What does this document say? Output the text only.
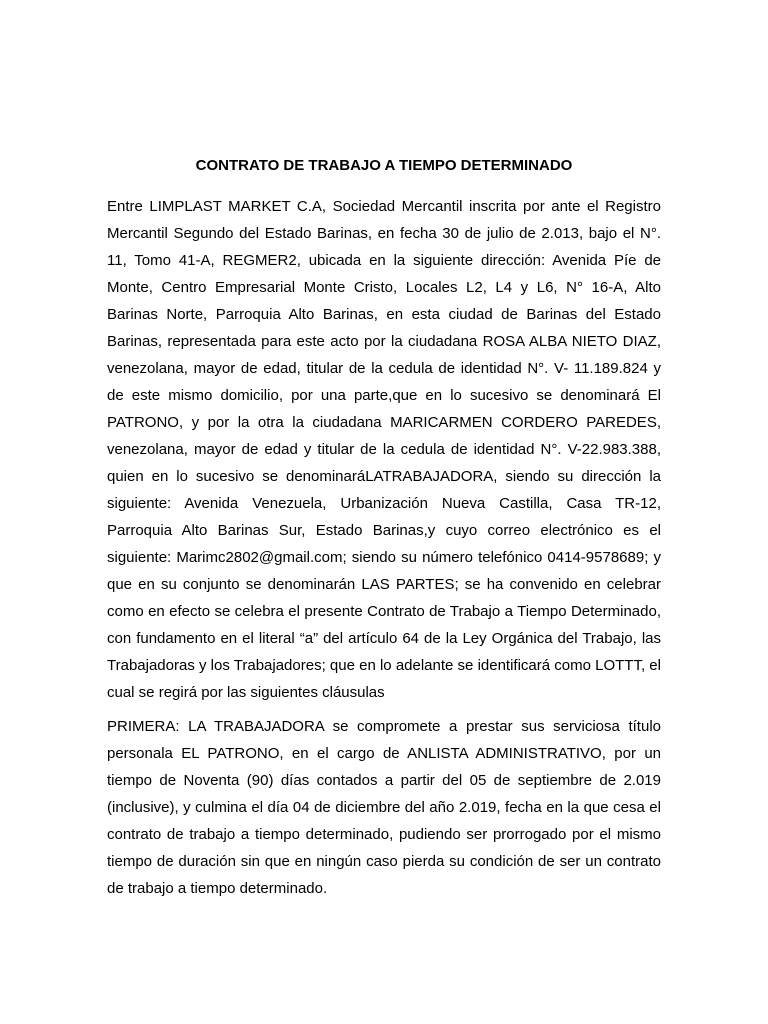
CONTRATO DE TRABAJO A TIEMPO DETERMINADO

Entre LIMPLAST MARKET C.A, Sociedad Mercantil inscrita por ante el Registro Mercantil Segundo del Estado Barinas, en fecha 30 de julio de 2.013, bajo el N°. 11, Tomo 41-A, REGMER2, ubicada en la siguiente dirección: Avenida Píe de Monte, Centro Empresarial Monte Cristo, Locales L2, L4 y L6, N° 16-A, Alto Barinas Norte, Parroquia Alto Barinas, en esta ciudad de Barinas del Estado Barinas, representada para este acto por la ciudadana ROSA ALBA NIETO DIAZ, venezolana, mayor de edad, titular de la cedula de identidad N°. V- 11.189.824 y de este mismo domicilio, por una parte,que en lo sucesivo se denominará El PATRONO, y por la otra la ciudadana MARICARMEN CORDERO PAREDES, venezolana, mayor de edad y titular de la cedula de identidad N°. V-22.983.388, quien en lo sucesivo se denominaráLATRABAJADORA, siendo su dirección la siguiente: Avenida Venezuela, Urbanización Nueva Castilla, Casa TR-12, Parroquia Alto Barinas Sur, Estado Barinas,y cuyo correo electrónico es el siguiente: Marimc2802@gmail.com; siendo su número telefónico 0414-9578689; y que en su conjunto se denominarán LAS PARTES; se ha convenido en celebrar como en efecto se celebra el presente Contrato de Trabajo a Tiempo Determinado, con fundamento en el literal “a” del artículo 64 de la Ley Orgánica del Trabajo, las Trabajadoras y los Trabajadores; que en lo adelante se identificará como LOTTT, el cual se regirá por las siguientes cláusulas

PRIMERA: LA TRABAJADORA se compromete a prestar sus serviciosa título personala EL PATRONO, en el cargo de ANLISTA ADMINISTRATIVO, por un tiempo de Noventa (90) días contados a partir del 05 de septiembre de 2.019 (inclusive), y culmina el día 04 de diciembre del año 2.019, fecha en la que cesa el contrato de trabajo a tiempo determinado, pudiendo ser prorrogado por el mismo tiempo de duración sin que en ningún caso pierda su condición de ser un contrato de trabajo a tiempo determinado.
